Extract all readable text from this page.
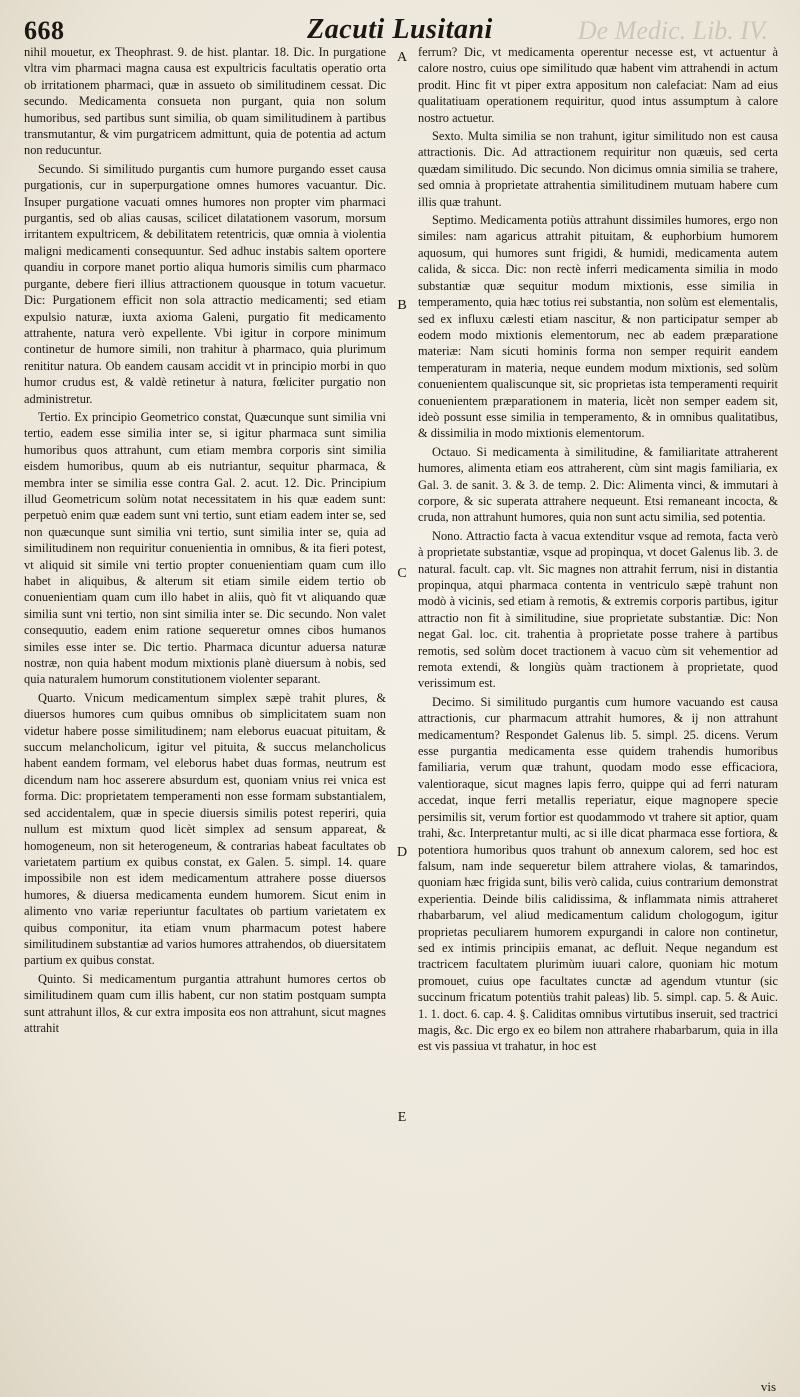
668	Zacuti Lusitani	De Medic. Lib. IV.

nihil mouetur, ex Theophrast. 9. de hist. plantar. 18. Dic. In purgatione vltra vim pharmaci magna causa est expultricis facultatis operatio orta ob irritationem pharmaci, quæ in assueto ob similitudinem cessat. Dic secundo. Medicamenta consueta non purgant, quia non solum humoribus, sed partibus sunt similia, ob quam similitudinem à partibus transmutantur, & vim purgatricem admittunt, quia de potentia ad actum non reducuntur.

Secundo. Si similitudo purgantis cum humore purgando esset causa purgationis, cur in superpurgatione omnes humores vacuantur. Dic. Insuper purgatione vacuati omnes humores non propter vim pharmaci purgantis, sed ob alias causas, scilicet dilatationem vasorum, morsum irritantem expultricem, & debilitatem retentricis, quæ omnia à violentia maligni medicamenti consequuntur. Sed adhuc instabis saltem oportere quandiu in corpore manet portio aliqua humoris similis cum pharmaco purgante, debere fieri illius attractionem quousque in totum vacuetur. Dic: Purgationem efficit non sola attractio medicamenti; sed etiam expulsio naturæ, iuxta axioma Galeni, purgatio fit medicamento attrahente, natura verò expellente. Vbi igitur in corpore minimum continetur de humore simili, non trahitur à pharmaco, quia plurimum renititur natura. Ob eandem causam accidit vt in principio morbi in quo humor crudus est, & valdè retinetur à natura, fœliciter purgatio non administretur.

Tertio. Ex principio Geometrico constat, Quæcunque sunt similia vni tertio, eadem esse similia inter se, si igitur pharmaca sunt similia humoribus quos attrahunt, cum etiam membra corporis sint similia eisdem humoribus, quum ab eis nutriantur, sequitur pharmaca, & membra inter se similia esse contra Gal. 2. acut. 12. Dic. Principium illud Geometricum solùm notat necessitatem in his quæ eadem sunt: perpetuò enim quæ eadem sunt vni tertio, sunt etiam eadem inter se, sed non quæcunque sunt similia vni tertio, sunt similia inter se, quia ad similitudinem non requiritur conuenientia in omnibus, & ita fieri potest, vt aliquid sit simile vni tertio propter conuenientiam quam cum illo habet in aliquibus, & alterum sit etiam simile eidem tertio ob conuenientiam quam cum illo habet in aliis, quò fit vt aliquando quæ similia sunt vni tertio, non sint similia inter se. Dic secundo. Non valet consequutio, eadem enim ratione sequeretur omnes cibos humanos similes esse inter se. Dic tertio. Pharmaca dicuntur aduersa naturæ nostræ, non quia habent modum mixtionis planè diuersum à nobis, sed quia naturalem humorum constitutionem violenter separant.

Quarto. Vnicum medicamentum simplex sæpè trahit plures, & diuersos humores cum quibus omnibus ob simplicitatem suam non videtur habere posse similitudinem; nam eleborus euacuat pituitam, & succum melancholicum, igitur vel pituita, & succus melancholicus habent eandem formam, vel eleborus habet duas formas, neutrum est dicendum nam hoc asserere absurdum est, quoniam vnius rei vnica est forma. Dic: proprietatem temperamenti non esse formam substantialem, sed accidentalem, quæ in specie diuersis similis potest reperiri, quia nullum est mixtum quod licèt simplex ad sensum appareat, & homogeneum, non sit heterogeneum, & contrarias habeat facultates ob varietatem partium ex quibus constat, ex Galen. 5. simpl. 14. quare impossibile non est idem medicamentum attrahere posse diuersos humores, & diuersa medicamenta eundem humorem. Sicut enim in alimento vno variæ reperiuntur facultates ob partium varietatem ex quibus componitur, ita etiam vnum pharmacum potest habere similitudinem substantiæ ad varios humores attrahendos, ob diuersitatem partium ex quibus constat.

Quinto. Si medicamentum purgantia attrahunt humores certos ob similitudinem quam cum illis habent, cur non statim postquam sumpta sunt attrahunt illos, & cur extra imposita eos non attrahunt, sicut magnes attrahit

A
B
C
D
E

ferrum? Dic, vt medicamenta operentur necesse est, vt actuentur à calore nostro, cuius ope similitudo quæ habent vim attrahendi in actum prodit. Hinc fit vt piper extra appositum non calefaciat: Nam ad eius qualitatiuam operationem requiritur, quod intus assumptum à calore nostro actuetur.

Sexto. Multa similia se non trahunt, igitur similitudo non est causa attractionis. Dic. Ad attractionem requiritur non quæuis, sed certa quædam similitudo. Dic secundo. Non dicimus omnia similia se trahere, sed omnia à proprietate attrahentia similitudinem mutuam habere cum illis quæ trahunt.

Septimo. Medicamenta potiùs attrahunt dissimiles humores, ergo non similes: nam agaricus attrahit pituitam, & euphorbium humorem aquosum, qui humores sunt frigidi, & humidi, medicamenta autem calida, & sicca. Dic: non rectè inferri medicamenta similia in modo substantiæ quæ sequitur modum mixtionis, esse similia in temperamento, quia hæc totius rei substantia, non solùm est elementalis, sed ex influxu cælesti etiam nascitur, & non participatur semper ab eodem modo mixtionis elementorum, nec ab eadem præparatione materiæ: Nam sicuti hominis forma non semper requirit eandem temperaturam in materia, neque eundem modum mixtionis, sed solùm conuenientem qualiscunque sit, sic proprietas ista temperamenti requirit conuenientem præparationem in materia, licèt non semper eadem sit, ideò possunt esse similia in temperamento, & in omnibus qualitatibus, & dissimilia in modo mixtionis elementorum.

Octauo. Si medicamenta à similitudine, & familiaritate attraherent humores, alimenta etiam eos attraherent, cùm sint magis familiaria, ex Gal. 3. de sanit. 3. & 3. de temp. 2. Dic: Alimenta vinci, & immutari à corpore, & sic superata attrahere nequeunt. Etsi remaneant incocta, & cruda, non attrahunt humores, quia non sunt actu similia, sed potentia.

Nono. Attractio facta à vacua extenditur vsque ad remota, facta verò à proprietate substantiæ, vsque ad propinqua, vt docet Galenus lib. 3. de natural. facult. cap. vlt. Sic magnes non attrahit ferrum, nisi in distantia propinqua, atqui pharmaca contenta in ventriculo sæpè trahunt non modò à vicinis, sed etiam à remotis, & extremis corporis partibus, igitur attractio non fit à similitudine, siue proprietate substantiæ. Dic: Non negat Gal. loc. cit. trahentia à proprietate posse trahere à partibus remotis, sed solùm docet tractionem à vacuo cùm sit vehementior ad remota extendi, & longiùs quàm tractionem à proprietate, quod verissimum est.

Decimo. Si similitudo purgantis cum humore vacuando est causa attractionis, cur pharmacum attrahit humores, & ij non attrahunt medicamentum? Respondet Galenus lib. 5. simpl. 25. dicens. Verum esse purgantia medicamenta esse quidem trahendis humoribus familiaria, verum quæ trahunt, quodam modo esse efficaciora, valentioraque, sicut magnes lapis ferro, quippe qui ad ferri naturam accedat, inque ferri metallis reperiatur, eique magnopere specie persimilis sit, verum fortior est quodammodo vt trahere sit aptior, quam trahi, &c. Interpretantur multi, ac si ille dicat pharmaca esse fortiora, & potentiora humoribus quos trahunt ob annexum calorem, sed hoc est falsum, nam inde sequeretur bilem attrahere violas, & tamarindos, quoniam hæc frigida sunt, bilis verò calida, cuius contrarium demonstrat experientia. Deinde bilis calidissima, & inflammata nimis attraheret rhabarbarum, vel aliud medicamentum calidum chologogum, igitur proprietas peculiarem humorem expurgandi in calore non continetur, sed ex intimis principiis emanat, ac defluit. Neque negandum est tractricem facultatem plurimùm iuuari calore, quoniam hic motum promouet, cuius ope facultates cunctæ ad agendum vtuntur (sic succinum fricatum potentiùs trahit paleas) lib. 5. simpl. cap. 5. & Auic. 1. 1. doct. 6. cap. 4. §. Caliditas omnibus virtutibus inseruit, sed tractrici magis, &c. Dic ergo ex eo bilem non attrahere rhabarbarum, quia in illa est vis passiua vt trahatur, in hoc est

vis
